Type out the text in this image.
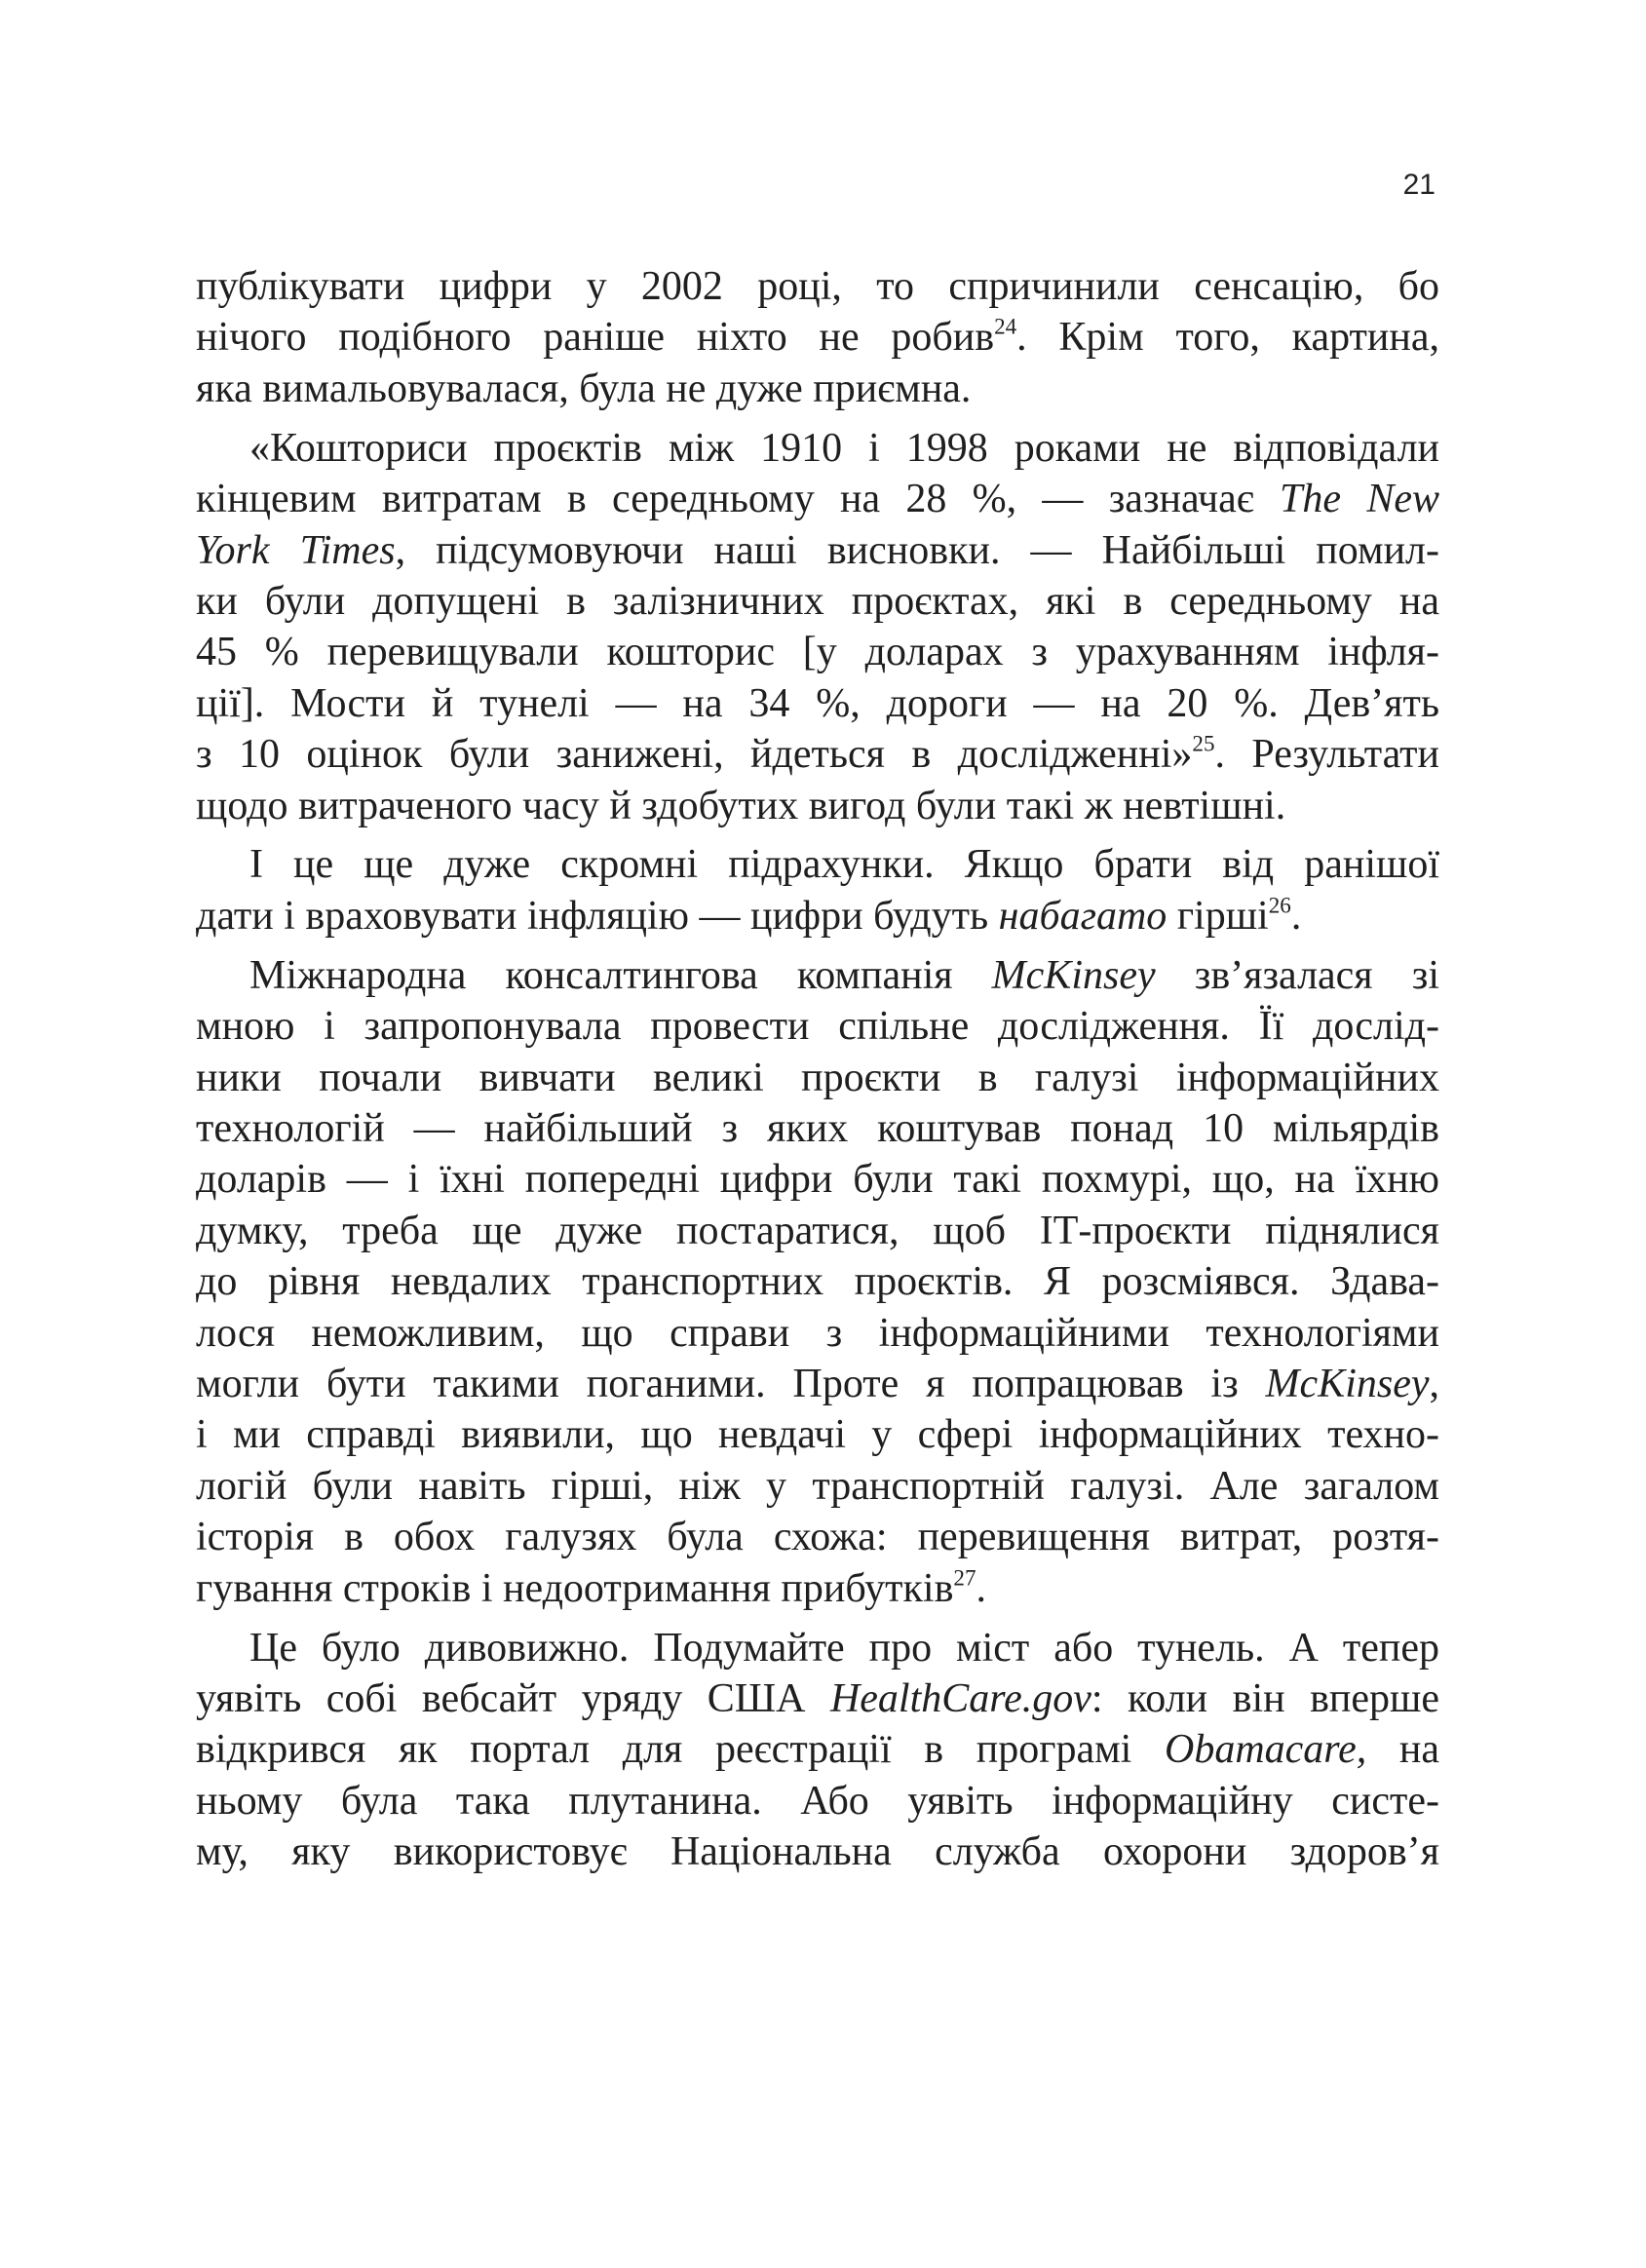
21
публікувати цифри у 2002 році, то спричинили сенсацію, бо
нічого подібного раніше ніхто не робив$^{24}$. Крім того, картина,
яка вимальовувалася, була не дуже приємна.
«Кошториси проєктів між 1910 і 1998 роками не відповідали
кінцевим витратам в середньому на 28 %, — зазначає The New
York Times, підсумовуючи наші висновки. — Найбільші помил-
ки були допущені в залізничних проєктах, які в середньому на
45 % перевищували кошторис [у доларах з урахуванням інфля-
ції]. Мости й тунелі — на 34 %, дороги — на 20 %. Дев’ять
з 10 оцінок були занижені, йдеться в дослідженні»$^{25}$. Результати
щодо витраченого часу й здобутих вигод були такі ж невтішні.
І це ще дуже скромні підрахунки. Якщо брати від ранішої
дати і враховувати інфляцію — цифри будуть набагато гірші$^{26}$.
Міжнародна консалтингова компанія McKinsey зв’язалася зі
мною і запропонувала провести спільне дослідження. Її дослід-
ники почали вивчати великі проєкти в галузі інформаційних
технологій — найбільший з яких коштував понад 10 мільярдів
доларів — і їхні попередні цифри були такі похмурі, що, на їхню
думку, треба ще дуже постаратися, щоб ІТ-проєкти піднялися
до рівня невдалих транспортних проєктів. Я розсміявся. Здава-
лося неможливим, що справи з інформаційними технологіями
могли бути такими поганими. Проте я попрацював із McKinsey,
і ми справді виявили, що невдачі у сфері інформаційних техно-
логій були навіть гірші, ніж у транспортній галузі. Але загалом
історія в обох галузях була схожа: перевищення витрат, розтя-
гування строків і недоотримання прибутків$^{27}$.
Це було дивовижно. Подумайте про міст або тунель. А тепер
уявіть собі вебсайт уряду США HealthCare.gov: коли він вперше
відкрився як портал для реєстрації в програмі Obamacare, на
ньому була така плутанина. Або уявіть інформаційну систе-
му, яку використовує Національна служба охорони здоров’я
